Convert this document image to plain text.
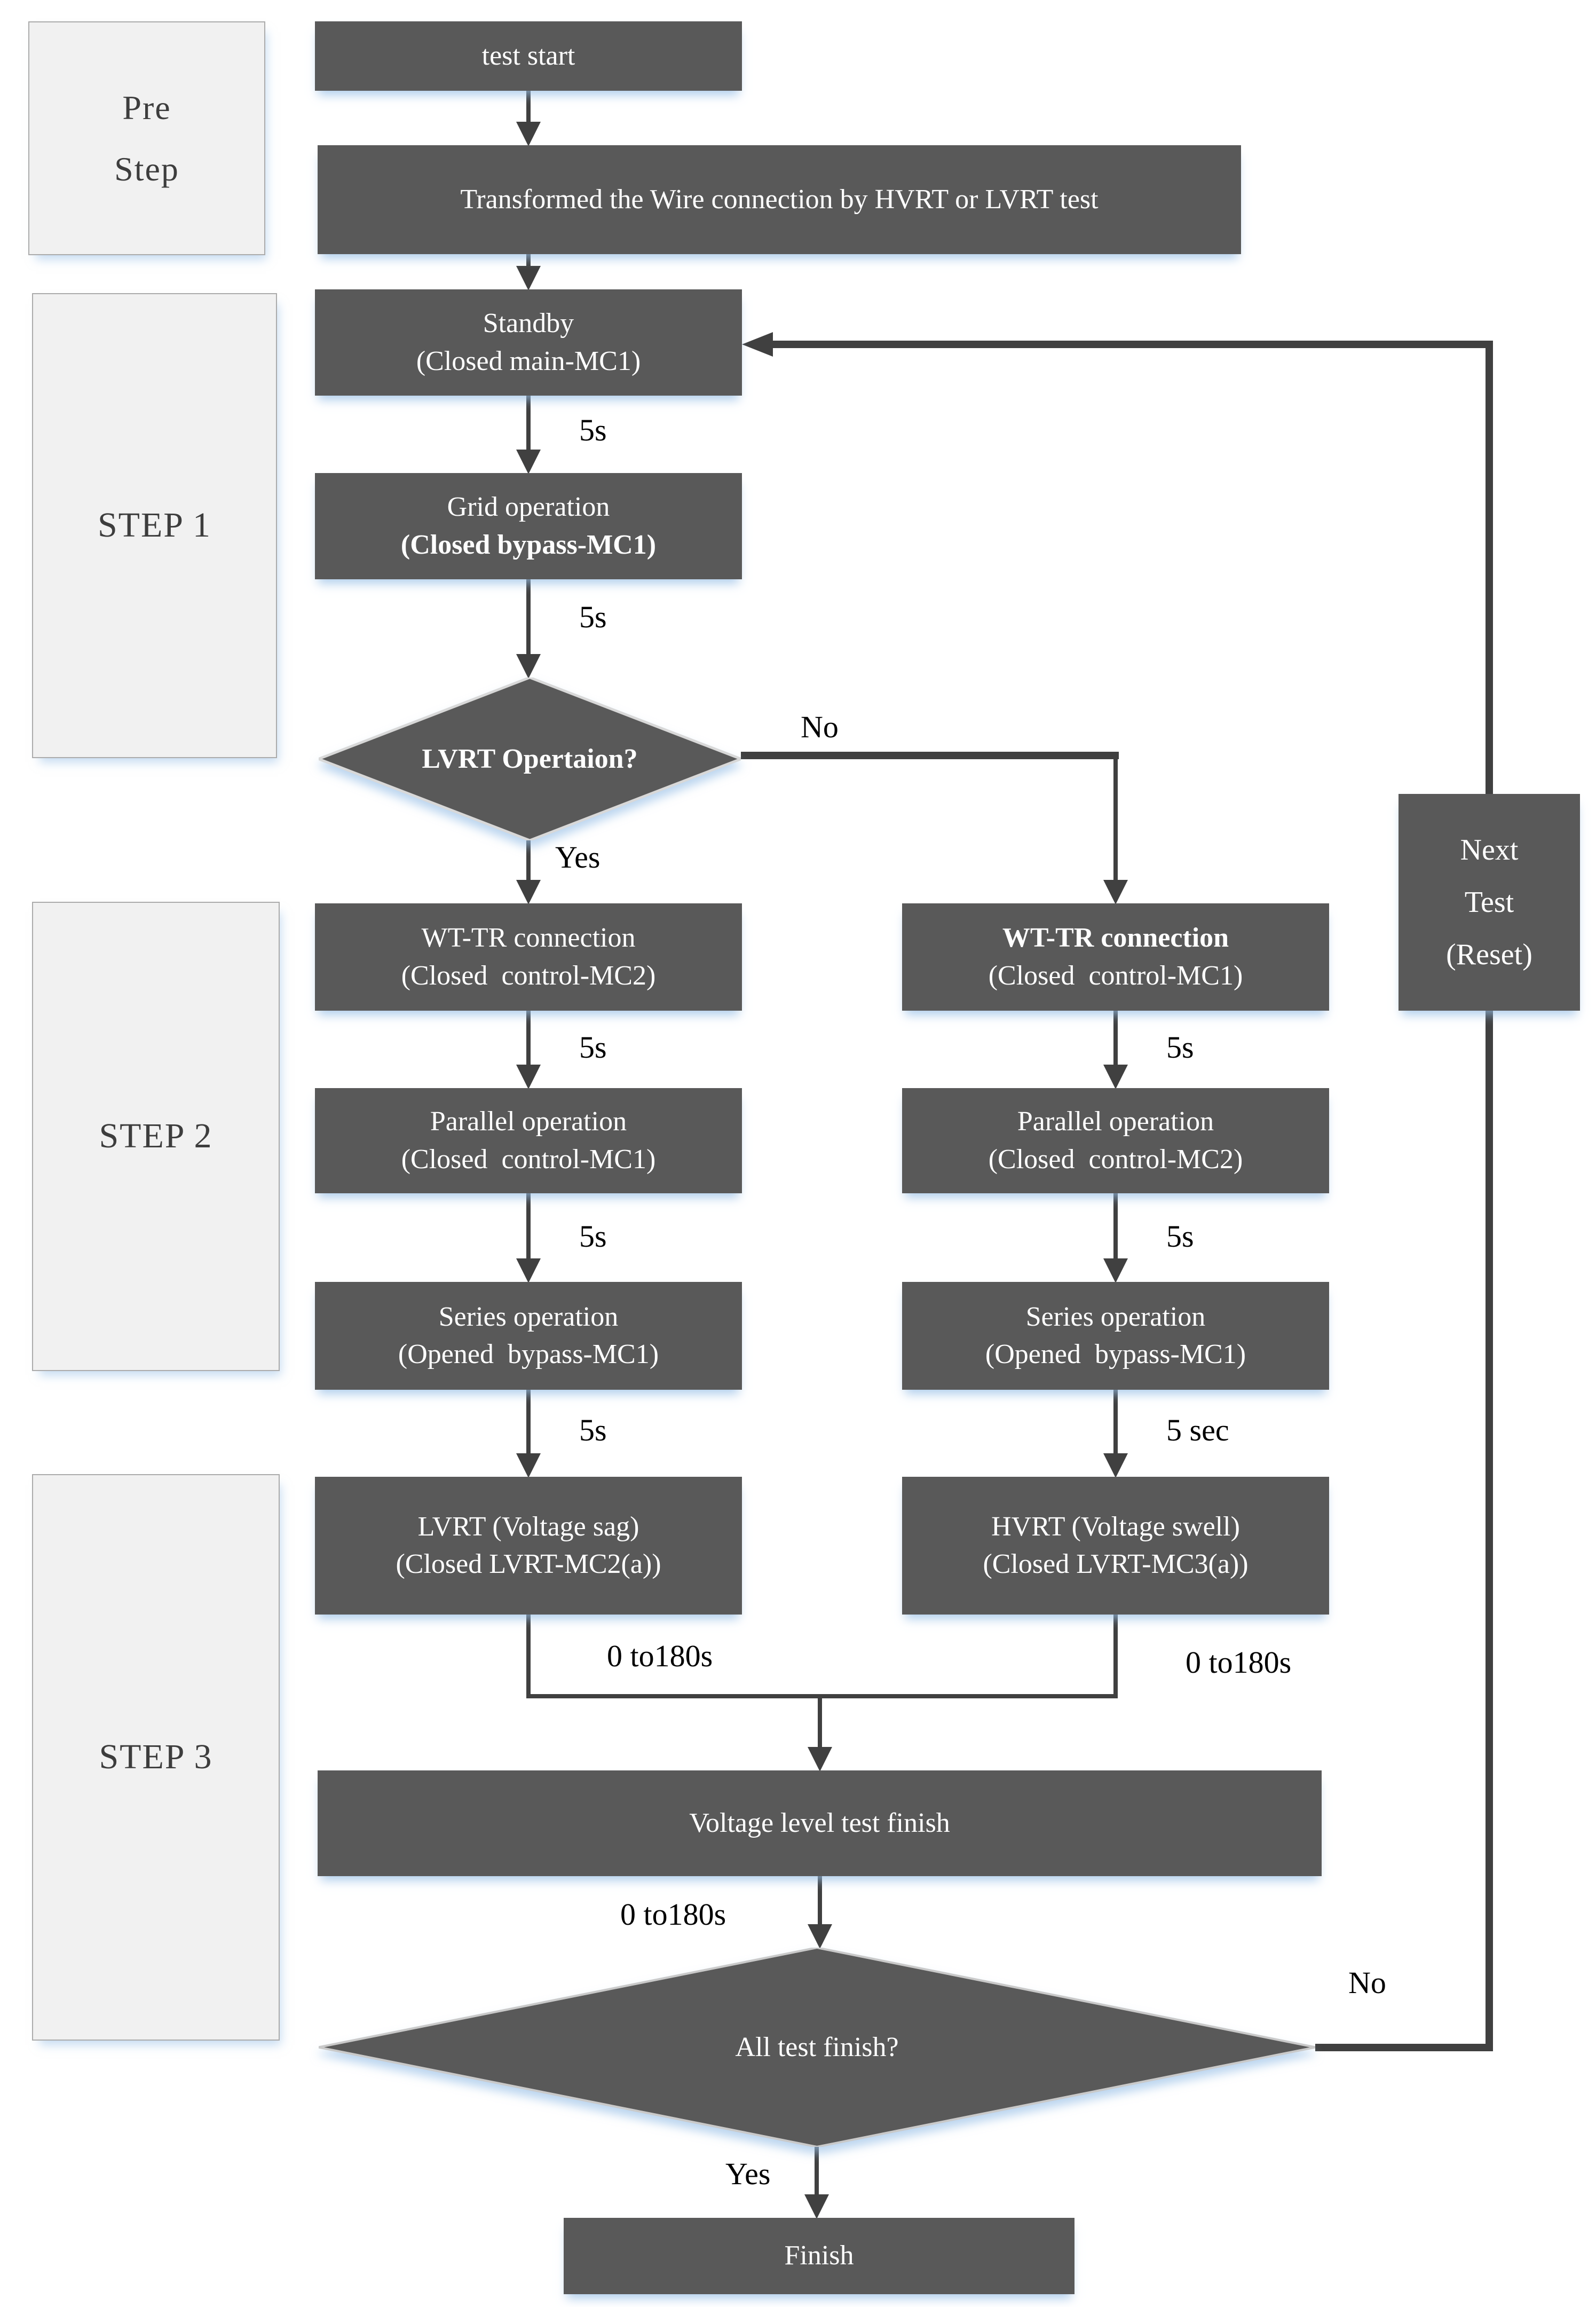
Pre
Step
STEP 1
STEP 2
STEP 3
test start
Transformed the Wire connection by HVRT or LVRT test
Standby
(Closed main-MC1)
Grid operation
(Closed bypass-MC1)
LVRT Opertaion?
WT-TR connection
(Closed  control-MC2)
WT-TR connection
(Closed  control-MC1)
Parallel operation
(Closed  control-MC1)
Parallel operation
(Closed  control-MC2)
Series operation
(Opened  bypass-MC1)
Series operation
(Opened  bypass-MC1)
LVRT (Voltage sag)
(Closed LVRT-MC2(a))
HVRT (Voltage swell)
(Closed LVRT-MC3(a))
Voltage level test finish
All test finish?
Finish
Next
Test
(Reset)
5s
5s
Yes
No
5s	5s
5s	5s
5s	5 sec
0 to180s	0 to180s
0 to180s
Yes
No
